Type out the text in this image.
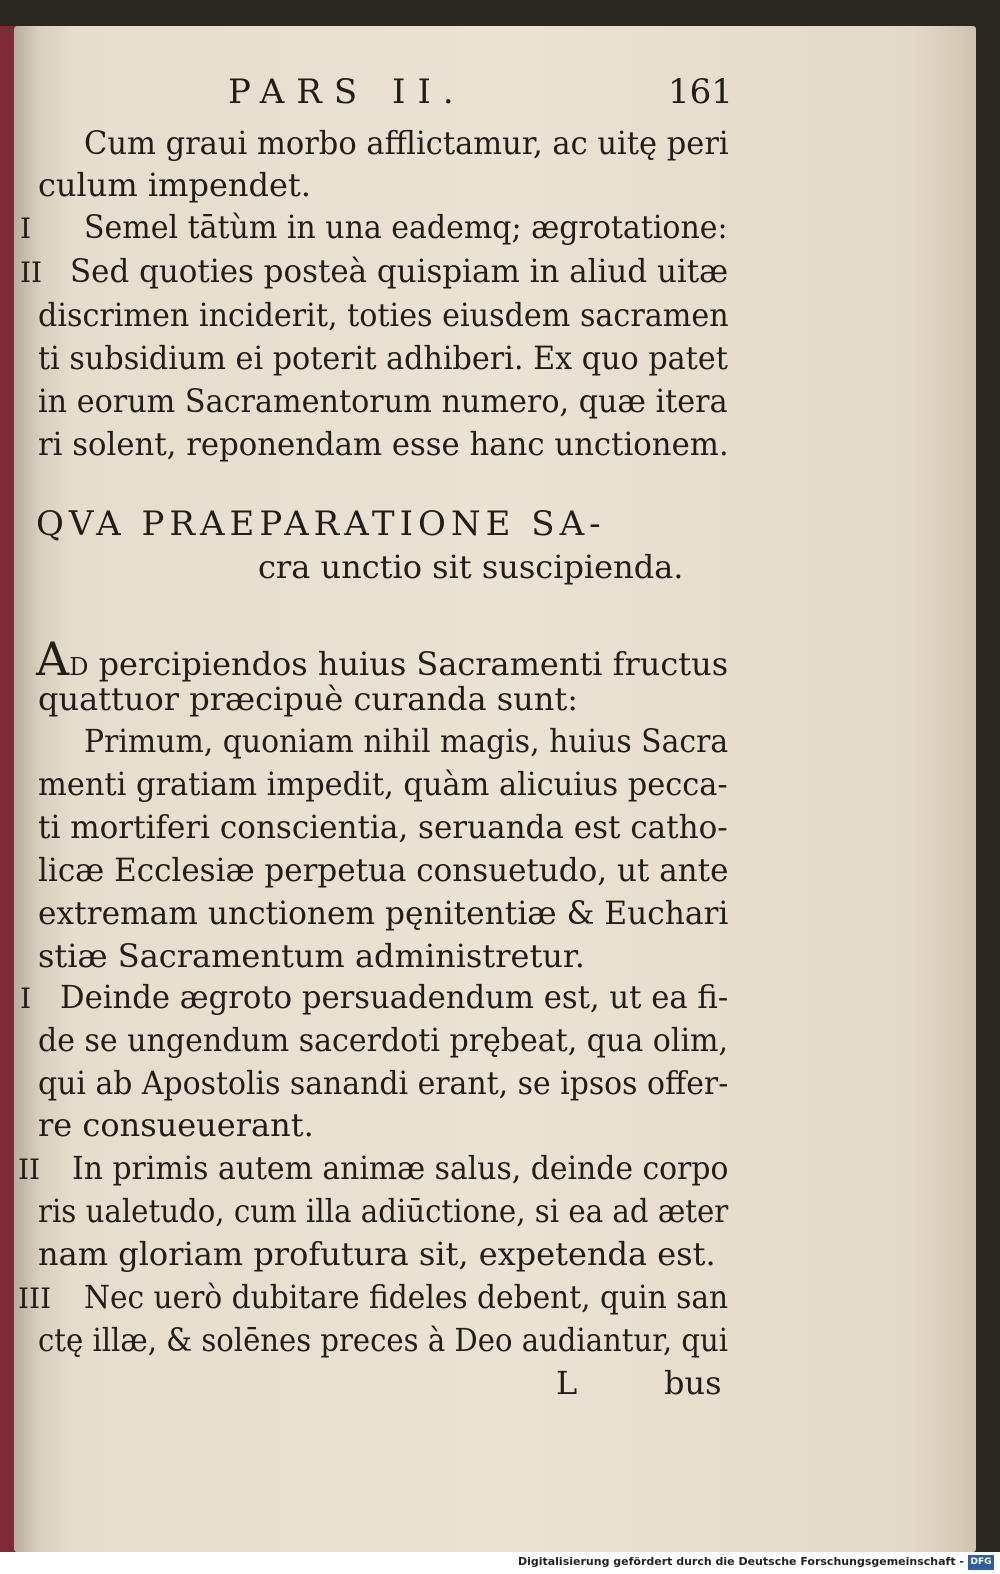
PARS II.	161
Cum graui morbo afflictamur, ac uitę peri
culum impendet.
I Semel tātùm in una eademq; ægrotatione:
II Sed quoties posteà quispiam in aliud uitæ
discrimen inciderit, toties eiusdem sacramen
ti subsidium ei poterit adhiberi. Ex quo patet
in eorum Sacramentorum numero, quæ itera
ri solent, reponendam esse hanc unctionem.
QVA PRAEPARATIONE SA-
cra unctio sit suscipienda.
AD percipiendos huius Sacramenti fructus
quattuor præcipuè curanda sunt:
Primum, quoniam nihil magis, huius Sacra
menti gratiam impedit, quàm alicuius pecca-
ti mortiferi conscientia, seruanda est catho-
licæ Ecclesiæ perpetua consuetudo, ut ante
extremam unctionem pęnitentiæ & Euchari
stiæ Sacramentum administretur.
I Deinde ægroto persuadendum est, ut ea fi-
de se ungendum sacerdoti prębeat, qua olim,
qui ab Apostolis sanandi erant, se ipsos offer-
re consueuerant.
II In primis autem animæ salus, deinde corpo
ris ualetudo, cum illa adiūctione, si ea ad æter
nam gloriam profutura sit, expetenda est.
III Nec uerò dubitare fideles debent, quin san
ctę illæ, & solēnes preces à Deo audiantur, qui
L	bus
Digitalisierung gefördert durch die Deutsche Forschungsgemeinschaft - DFG
